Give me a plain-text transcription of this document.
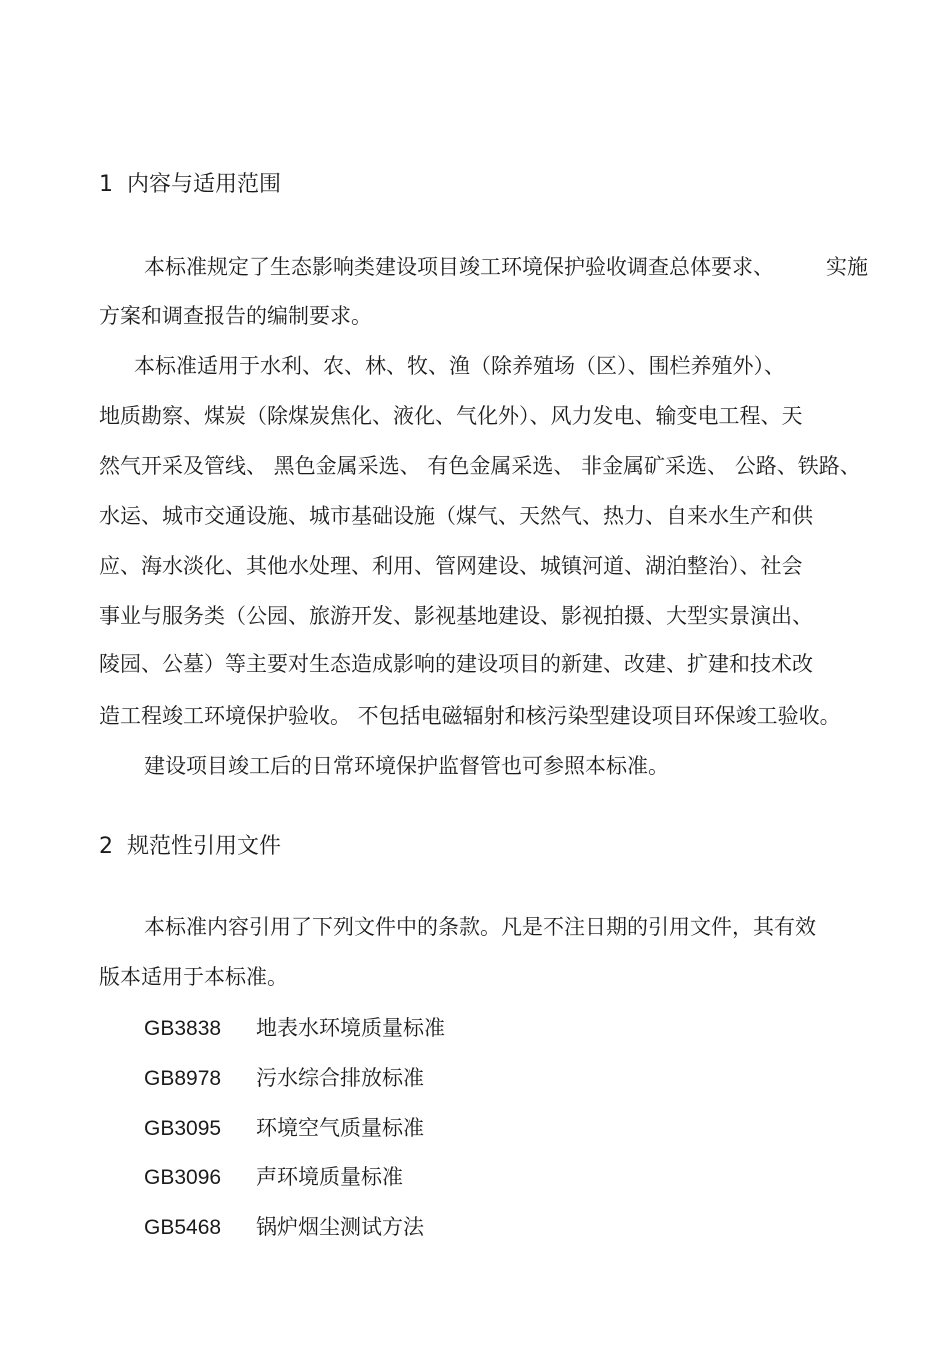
1 内容与适用范围
本标准规定了生态影响类建设项目竣工环境保护验收调查总体要求、 实施
方案和调查报告的编制要求。
本标准适用于水利、农、林、牧、渔（除养殖场（区）、围栏养殖外）、
地质勘察、煤炭（除煤炭焦化、液化、气化外）、风力发电、输变电工程、天
然气开采及管线、 黑色金属采选、 有色金属采选、 非金属矿采选、 公路、铁路、
水运、城市交通设施、城市基础设施（煤气、天然气、热力、自来水生产和供
应、海水淡化、其他水处理、利用、管网建设、城镇河道、湖泊整治）、社会
事业与服务类（公园、旅游开发、影视基地建设、影视拍摄、大型实景演出、
陵园、公墓）等主要对生态造成影响的建设项目的新建、改建、扩建和技术改
造工程竣工环境保护验收。 不包括电磁辐射和核污染型建设项目环保竣工验收。
建设项目竣工后的日常环境保护监督管也可参照本标准。
2 规范性引用文件
本标准内容引用了下列文件中的条款。凡是不注日期的引用文件，其有效
版本适用于本标准。
GB3838 地表水环境质量标准
GB8978 污水综合排放标准
GB3095 环境空气质量标准
GB3096 声环境质量标准
GB5468 锅炉烟尘测试方法
